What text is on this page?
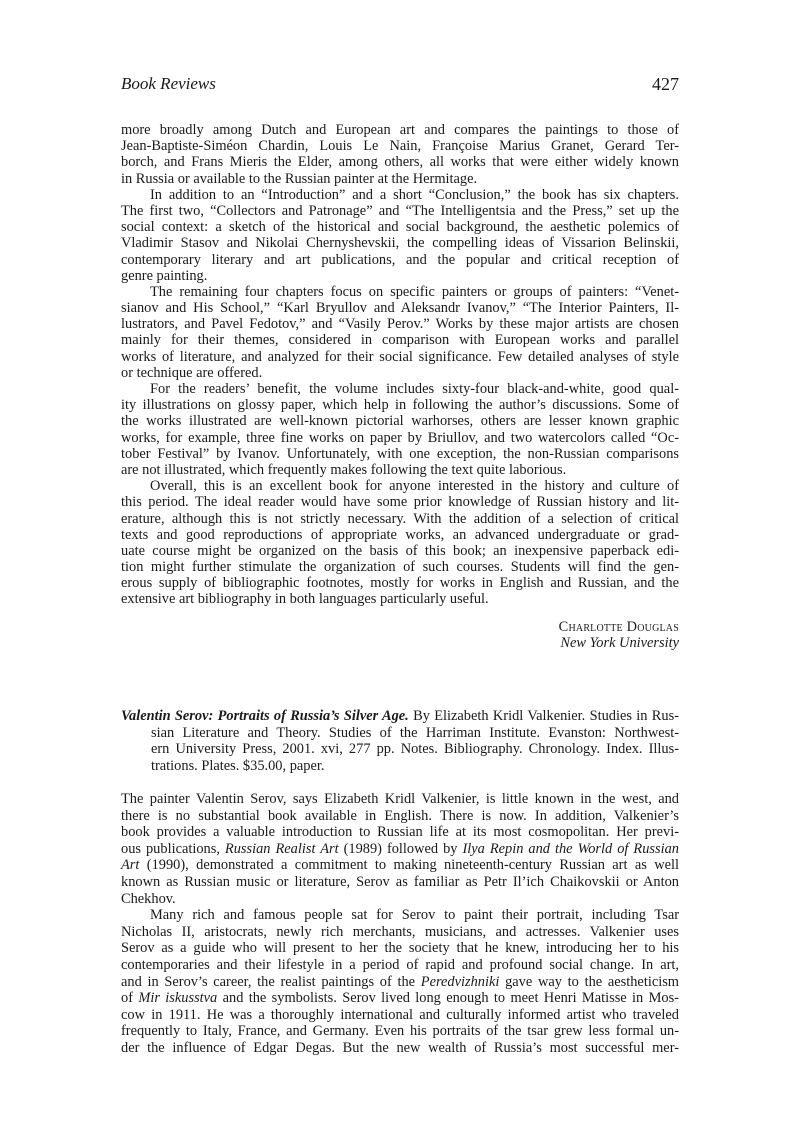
Book Reviews	427
more broadly among Dutch and European art and compares the paintings to those of
Jean-Baptiste-Siméon Chardin, Louis Le Nain, Françoise Marius Granet, Gerard Ter-
borch, and Frans Mieris the Elder, among others, all works that were either widely known
in Russia or available to the Russian painter at the Hermitage.
In addition to an “Introduction” and a short “Conclusion,” the book has six chapters.
The first two, “Collectors and Patronage” and “The Intelligentsia and the Press,” set up the
social context: a sketch of the historical and social background, the aesthetic polemics of
Vladimir Stasov and Nikolai Chernyshevskii, the compelling ideas of Vissarion Belinskii,
contemporary literary and art publications, and the popular and critical reception of
genre painting.
The remaining four chapters focus on specific painters or groups of painters: “Venet-
sianov and His School,” “Karl Bryullov and Aleksandr Ivanov,” “The Interior Painters, Il-
lustrators, and Pavel Fedotov,” and “Vasily Perov.” Works by these major artists are chosen
mainly for their themes, considered in comparison with European works and parallel
works of literature, and analyzed for their social significance. Few detailed analyses of style
or technique are offered.
For the readers’ benefit, the volume includes sixty-four black-and-white, good qual-
ity illustrations on glossy paper, which help in following the author’s discussions. Some of
the works illustrated are well-known pictorial warhorses, others are lesser known graphic
works, for example, three fine works on paper by Briullov, and two watercolors called “Oc-
tober Festival” by Ivanov. Unfortunately, with one exception, the non-Russian comparisons
are not illustrated, which frequently makes following the text quite laborious.
Overall, this is an excellent book for anyone interested in the history and culture of
this period. The ideal reader would have some prior knowledge of Russian history and lit-
erature, although this is not strictly necessary. With the addition of a selection of critical
texts and good reproductions of appropriate works, an advanced undergraduate or grad-
uate course might be organized on the basis of this book; an inexpensive paperback edi-
tion might further stimulate the organization of such courses. Students will find the gen-
erous supply of bibliographic footnotes, mostly for works in English and Russian, and the
extensive art bibliography in both languages particularly useful.
Charlotte Douglas
New York University
Valentin Serov: Portraits of Russia’s Silver Age. By Elizabeth Kridl Valkenier. Studies in Rus-
sian Literature and Theory. Studies of the Harriman Institute. Evanston: Northwest-
ern University Press, 2001. xvi, 277 pp. Notes. Bibliography. Chronology. Index. Illus-
trations. Plates. $35.00, paper.
The painter Valentin Serov, says Elizabeth Kridl Valkenier, is little known in the west, and
there is no substantial book available in English. There is now. In addition, Valkenier’s
book provides a valuable introduction to Russian life at its most cosmopolitan. Her previ-
ous publications, Russian Realist Art (1989) followed by Ilya Repin and the World of Russian
Art (1990), demonstrated a commitment to making nineteenth-century Russian art as well
known as Russian music or literature, Serov as familiar as Petr Il’ich Chaikovskii or Anton
Chekhov.
Many rich and famous people sat for Serov to paint their portrait, including Tsar
Nicholas II, aristocrats, newly rich merchants, musicians, and actresses. Valkenier uses
Serov as a guide who will present to her the society that he knew, introducing her to his
contemporaries and their lifestyle in a period of rapid and profound social change. In art,
and in Serov’s career, the realist paintings of the Peredvizhniki gave way to the aestheticism
of Mir iskusstva and the symbolists. Serov lived long enough to meet Henri Matisse in Mos-
cow in 1911. He was a thoroughly international and culturally informed artist who traveled
frequently to Italy, France, and Germany. Even his portraits of the tsar grew less formal un-
der the influence of Edgar Degas. But the new wealth of Russia’s most successful mer-
